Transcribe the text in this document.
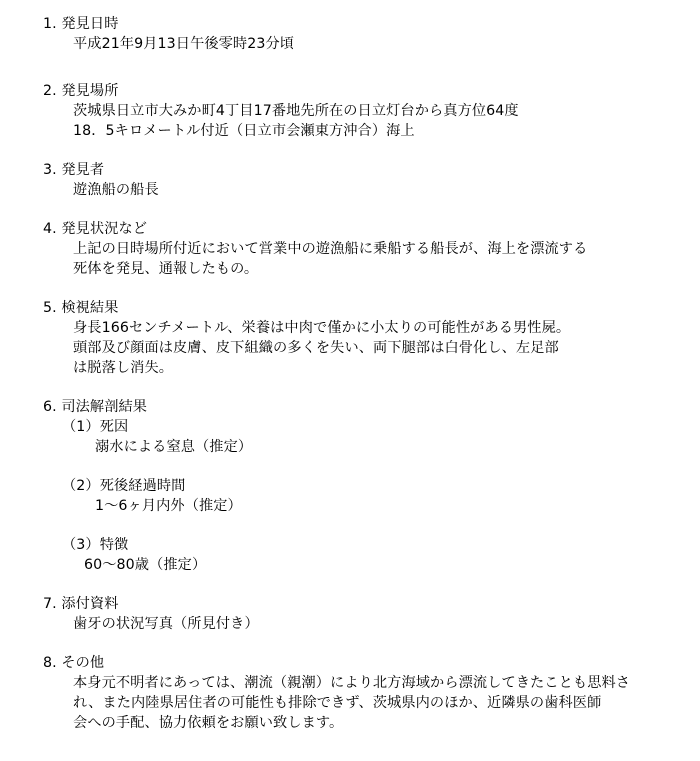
1. 発見日時
平成21年9月13日午後零時23分頃
2. 発見場所
茨城県日立市大みか町4丁目17番地先所在の日立灯台から真方位64度
18．5キロメートル付近（日立市会瀬東方沖合）海上
3. 発見者
遊漁船の船長
4. 発見状況など
上記の日時場所付近において営業中の遊漁船に乗船する船長が、海上を漂流する
死体を発見、通報したもの。
5. 検視結果
身長166センチメートル、栄養は中肉で僅かに小太りの可能性がある男性屍。
頭部及び顔面は皮膚、皮下組織の多くを失い、両下腿部は白骨化し、左足部
は脱落し消失。
6. 司法解剖結果
（1）死因
溺水による窒息（推定）
（2）死後経過時間
1～6ヶ月内外（推定）
（3）特徴
60～80歳（推定）
7. 添付資料
歯牙の状況写真（所見付き）
8. その他
本身元不明者にあっては、潮流（親潮）により北方海域から漂流してきたことも思料さ
れ、また内陸県居住者の可能性も排除できず、茨城県内のほか、近隣県の歯科医師
会への手配、協力依頼をお願い致します。
